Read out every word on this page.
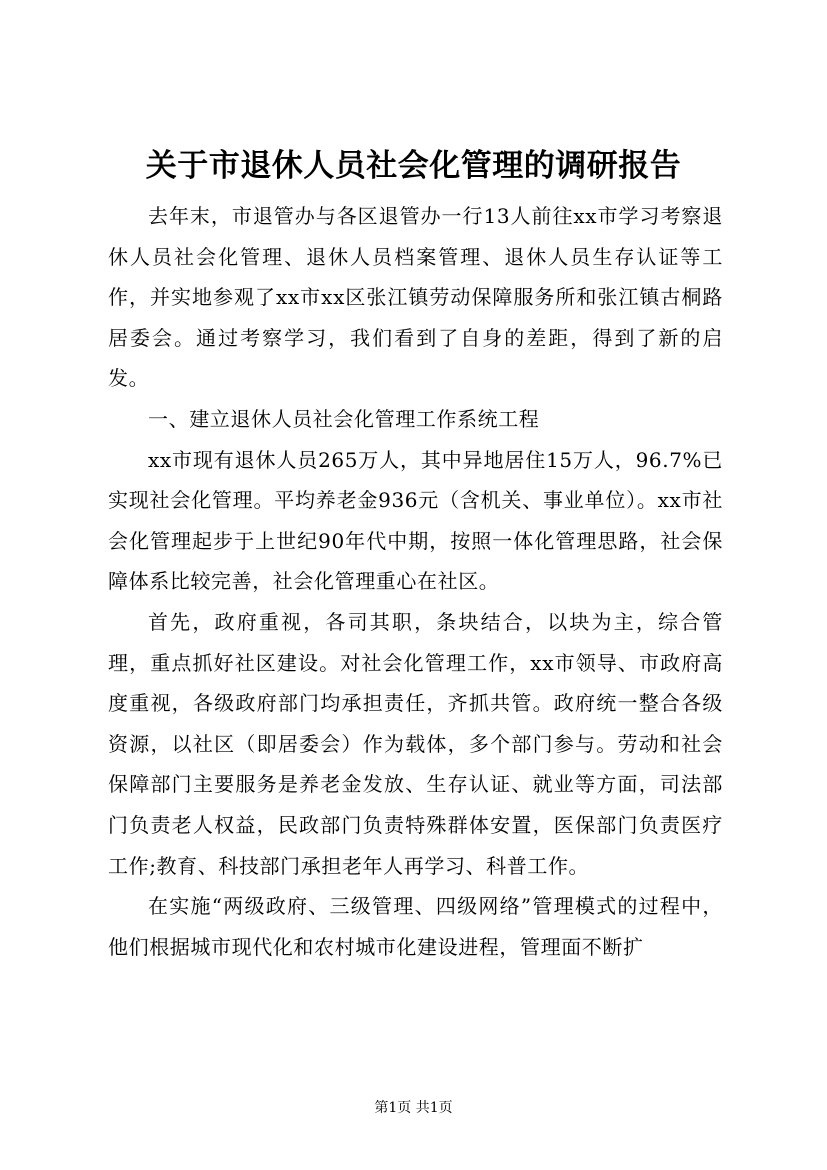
关于市退休人员社会化管理的调研报告

去年末，市退管办与各区退管办一行13人前往xx市学习考察退休人员社会化管理、退休人员档案管理、退休人员生存认证等工作，并实地参观了xx市xx区张江镇劳动保障服务所和张江镇古桐路居委会。通过考察学习，我们看到了自身的差距，得到了新的启发。

一、建立退休人员社会化管理工作系统工程

xx市现有退休人员265万人，其中异地居住15万人，96.7%已实现社会化管理。平均养老金936元（含机关、事业单位）。xx市社会化管理起步于上世纪90年代中期，按照一体化管理思路，社会保障体系比较完善，社会化管理重心在社区。

首先，政府重视，各司其职，条块结合，以块为主，综合管理，重点抓好社区建设。对社会化管理工作，xx市领导、市政府高度重视，各级政府部门均承担责任，齐抓共管。政府统一整合各级资源，以社区（即居委会）作为载体，多个部门参与。劳动和社会保障部门主要服务是养老金发放、生存认证、就业等方面，司法部门负责老人权益，民政部门负责特殊群体安置，医保部门负责医疗工作;教育、科技部门承担老年人再学习、科普工作。

在实施“两级政府、三级管理、四级网络”管理模式的过程中，他们根据城市现代化和农村城市化建设进程，管理面不断扩

第1页 共1页
